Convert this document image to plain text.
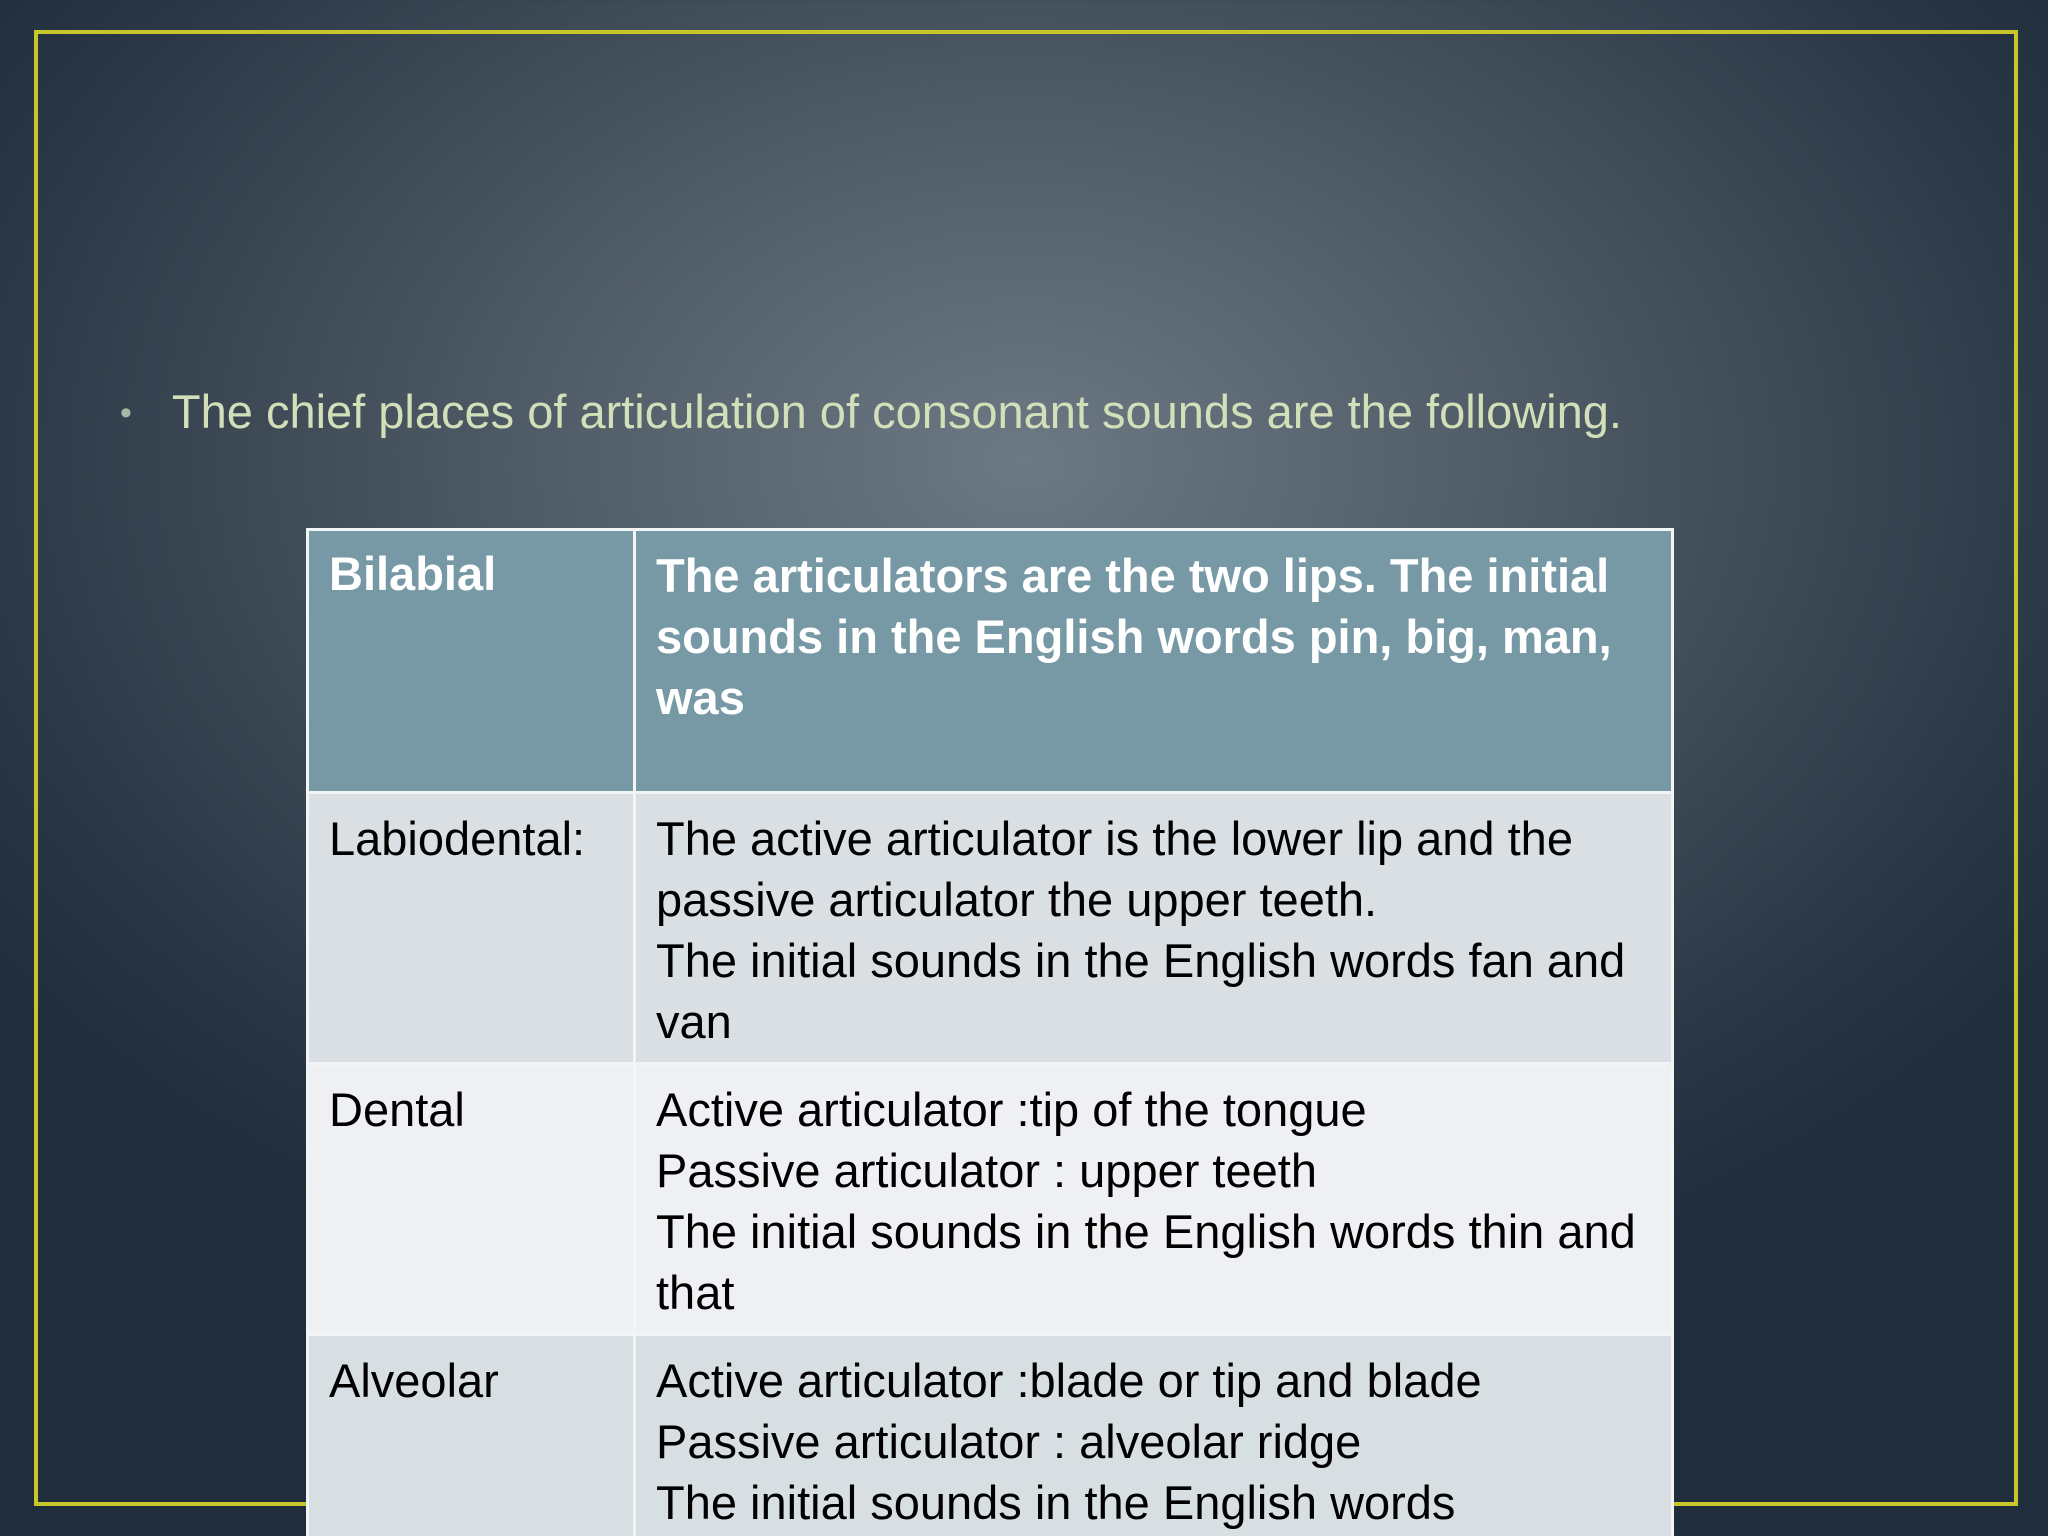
• The chief places of articulation of consonant sounds are the following.
Bilabial	The articulators are the two lips. The initial sounds in the English words pin, big, man, was
Labiodental:	The active articulator is the lower lip and the passive articulator the upper teeth.
The initial sounds in the English words fan and van

Dental	Active articulator :tip of the tongue
Passive articulator : upper teeth
The initial sounds in the English words thin and that

Alveolar	Active articulator :blade or tip and blade
Passive articulator : alveolar ridge
The initial sounds in the English words
